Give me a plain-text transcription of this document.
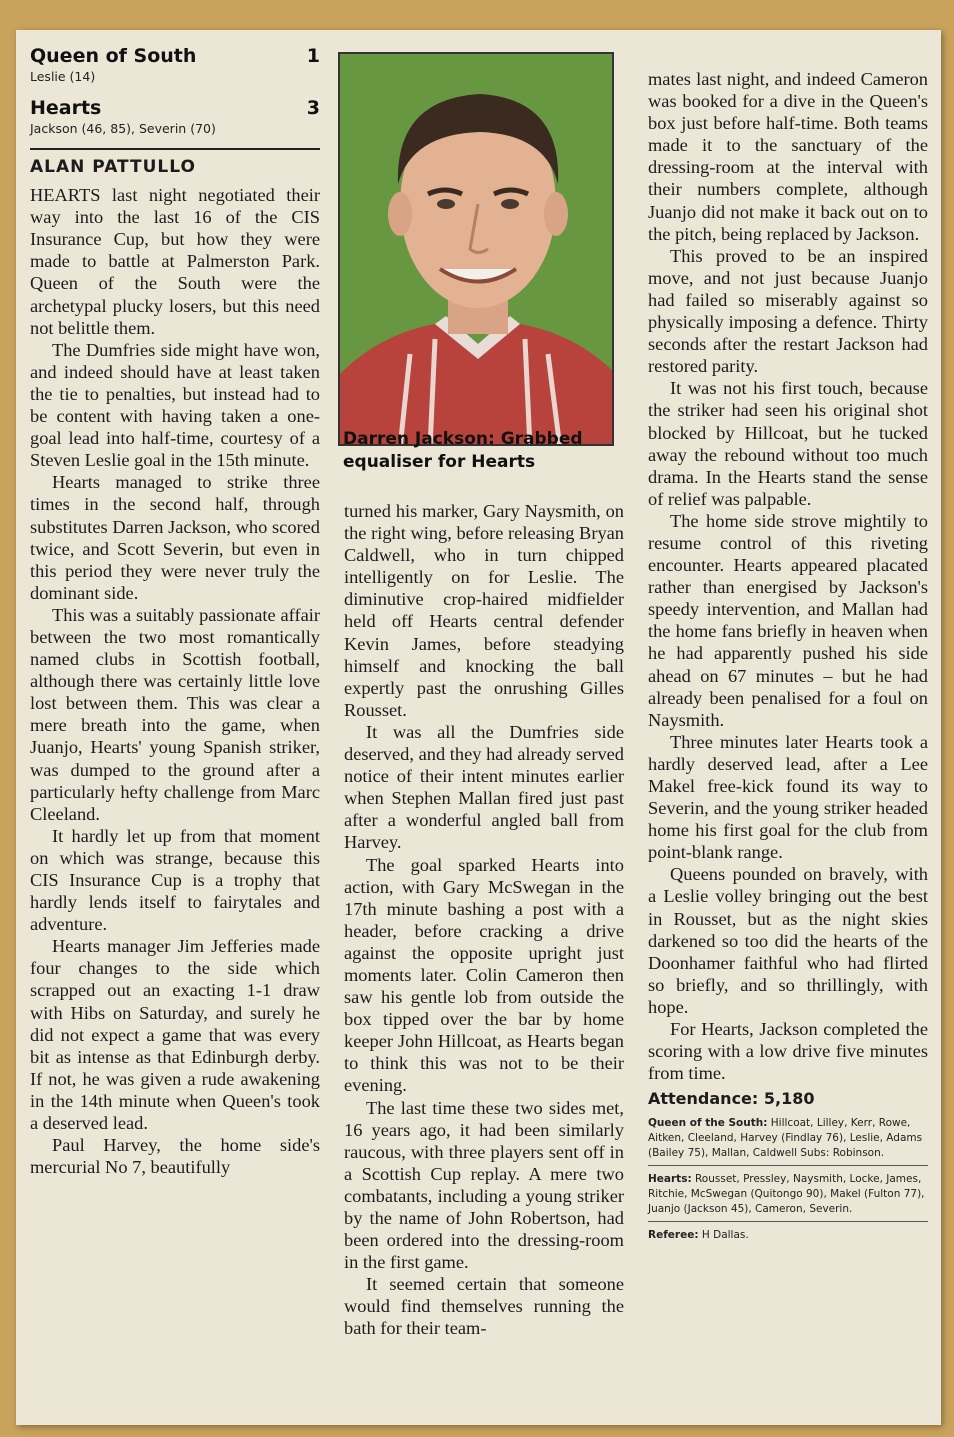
Queen of South	1
Leslie (14)
Hearts	3
Jackson (46, 85), Severin (70)
ALAN PATTULLO

HEARTS last night negotiated their way into the last 16 of the CIS Insurance Cup, but how they were made to battle at Palmerston Park. Queen of the South were the archetypal plucky losers, but this need not belittle them.

The Dumfries side might have won, and indeed should have at least taken the tie to penalties, but instead had to be content with having taken a one-goal lead into half-time, courtesy of a Steven Leslie goal in the 15th minute.

Hearts managed to strike three times in the second half, through substitutes Darren Jackson, who scored twice, and Scott Severin, but even in this period they were never truly the dominant side.

This was a suitably passionate affair between the two most romantically named clubs in Scottish football, although there was certainly little love lost between them. This was clear a mere breath into the game, when Juanjo, Hearts' young Spanish striker, was dumped to the ground after a particularly hefty challenge from Marc Cleeland.

It hardly let up from that moment on which was strange, because this CIS Insurance Cup is a trophy that hardly lends itself to fairytales and adventure.

Hearts manager Jim Jefferies made four changes to the side which scrapped out an exacting 1-1 draw with Hibs on Saturday, and surely he did not expect a game that was every bit as intense as that Edinburgh derby. If not, he was given a rude awakening in the 14th minute when Queen's took a deserved lead.

Paul Harvey, the home side's mercurial No 7, beautifully

Darren Jackson: Grabbed equaliser for Hearts

turned his marker, Gary Naysmith, on the right wing, before releasing Bryan Caldwell, who in turn chipped intelligently on for Leslie. The diminutive crop-haired midfielder held off Hearts central defender Kevin James, before steadying himself and knocking the ball expertly past the onrushing Gilles Rousset.

It was all the Dumfries side deserved, and they had already served notice of their intent minutes earlier when Stephen Mallan fired just past after a wonderful angled ball from Harvey.

The goal sparked Hearts into action, with Gary McSwegan in the 17th minute bashing a post with a header, before cracking a drive against the opposite upright just moments later. Colin Cameron then saw his gentle lob from outside the box tipped over the bar by home keeper John Hillcoat, as Hearts began to think this was not to be their evening.

The last time these two sides met, 16 years ago, it had been similarly raucous, with three players sent off in a Scottish Cup replay. A mere two combatants, including a young striker by the name of John Robertson, had been ordered into the dressing-room in the first game.

It seemed certain that someone would find themselves running the bath for their team-

mates last night, and indeed Cameron was booked for a dive in the Queen's box just before half-time. Both teams made it to the sanctuary of the dressing-room at the interval with their numbers complete, although Juanjo did not make it back out on to the pitch, being replaced by Jackson.

This proved to be an inspired move, and not just because Juanjo had failed so miserably against so physically imposing a defence. Thirty seconds after the restart Jackson had restored parity.

It was not his first touch, because the striker had seen his original shot blocked by Hillcoat, but he tucked away the rebound without too much drama. In the Hearts stand the sense of relief was palpable.

The home side strove mightily to resume control of this riveting encounter. Hearts appeared placated rather than energised by Jackson's speedy intervention, and Mallan had the home fans briefly in heaven when he had apparently pushed his side ahead on 67 minutes – but he had already been penalised for a foul on Naysmith.

Three minutes later Hearts took a hardly deserved lead, after a Lee Makel free-kick found its way to Severin, and the young striker headed home his first goal for the club from point-blank range.

Queens pounded on bravely, with a Leslie volley bringing out the best in Rousset, but as the night skies darkened so too did the hearts of the Doonhamer faithful who had flirted so briefly, and so thrillingly, with hope.

For Hearts, Jackson completed the scoring with a low drive five minutes from time.

Attendance: 5,180
Queen of the South: Hillcoat, Lilley, Kerr, Rowe, Aitken, Cleeland, Harvey (Findlay 76), Leslie, Adams (Bailey 75), Mallan, Caldwell Subs: Robinson.
Hearts: Rousset, Pressley, Naysmith, Locke, James, Ritchie, McSwegan (Quitongo 90), Makel (Fulton 77), Juanjo (Jackson 45), Cameron, Severin.
Referee: H Dallas.
